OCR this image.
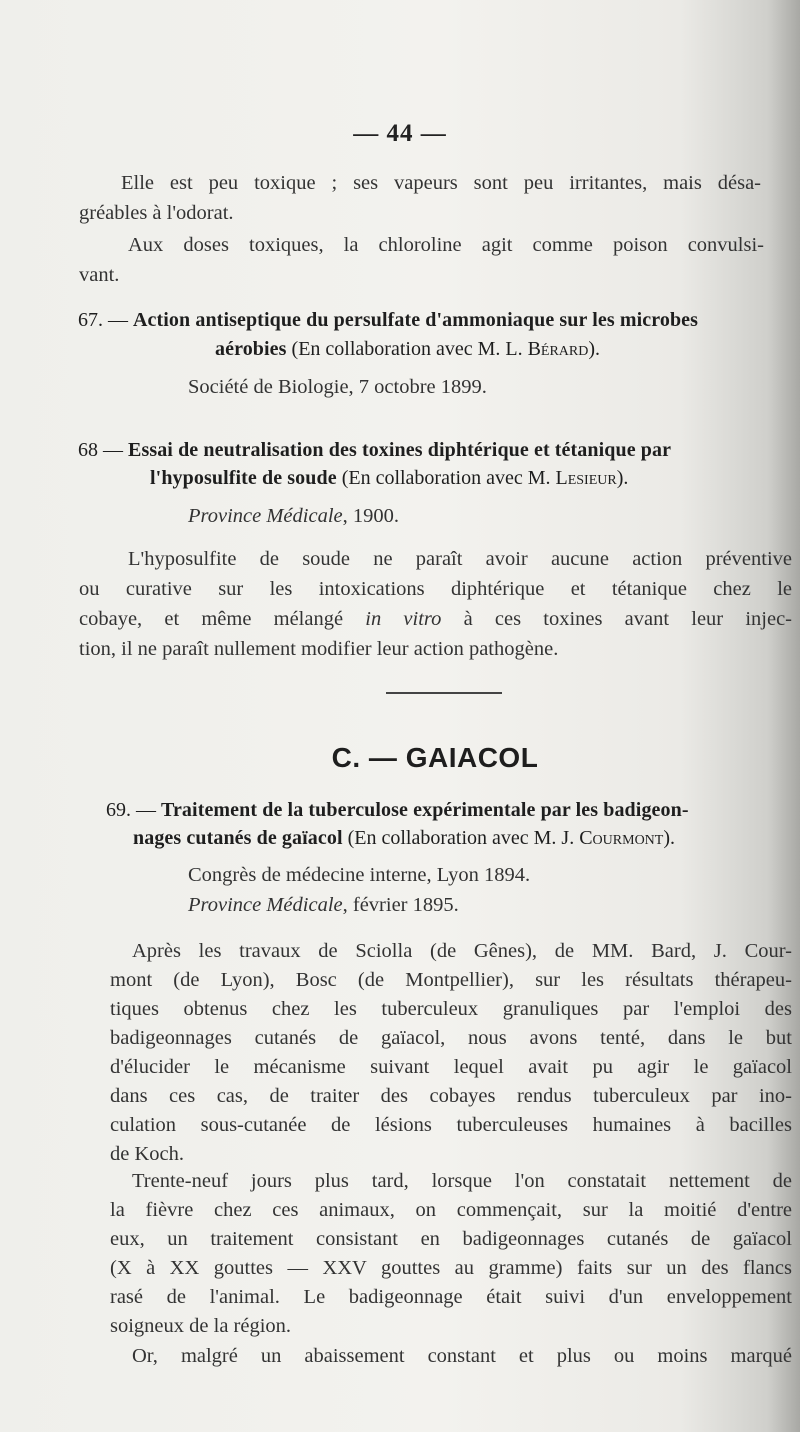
— 44 —
Elle est peu toxique ; ses vapeurs sont peu irritantes, mais désa-
gréables à l'odorat.
Aux doses toxiques, la chloroline agit comme poison convulsi-
vant.
67. — Action antiseptique du persulfate d'ammoniaque sur les microbes
aérobies (En collaboration avec M. L. Bérard).
Société de Biologie, 7 octobre 1899.
68 — Essai de neutralisation des toxines diphtérique et tétanique par
l'hyposulfite de soude (En collaboration avec M. Lesieur).
Province Médicale, 1900.
L'hyposulfite de soude ne paraît avoir aucune action préventive
ou curative sur les intoxications diphtérique et tétanique chez le
cobaye, et même mélangé in vitro à ces toxines avant leur injec-
tion, il ne paraît nullement modifier leur action pathogène.
C. — GAIACOL
69. — Traitement de la tuberculose expérimentale par les badigeon-
nages cutanés de gaïacol (En collaboration avec M. J. Courmont).
Congrès de médecine interne, Lyon 1894.
Province Médicale, février 1895.
Après les travaux de Sciolla (de Gênes), de MM. Bard, J. Cour-
mont (de Lyon), Bosc (de Montpellier), sur les résultats thérapeu-
tiques obtenus chez les tuberculeux granuliques par l'emploi des
badigeonnages cutanés de gaïacol, nous avons tenté, dans le but
d'élucider le mécanisme suivant lequel avait pu agir le gaïacol
dans ces cas, de traiter des cobayes rendus tuberculeux par ino-
culation sous-cutanée de lésions tuberculeuses humaines à bacilles
de Koch.
Trente-neuf jours plus tard, lorsque l'on constatait nettement de
la fièvre chez ces animaux, on commençait, sur la moitié d'entre
eux, un traitement consistant en badigeonnages cutanés de gaïacol
(X à XX gouttes — XXV gouttes au gramme) faits sur un des flancs
rasé de l'animal. Le badigeonnage était suivi d'un enveloppement
soigneux de la région.
Or, malgré un abaissement constant et plus ou moins marqué
